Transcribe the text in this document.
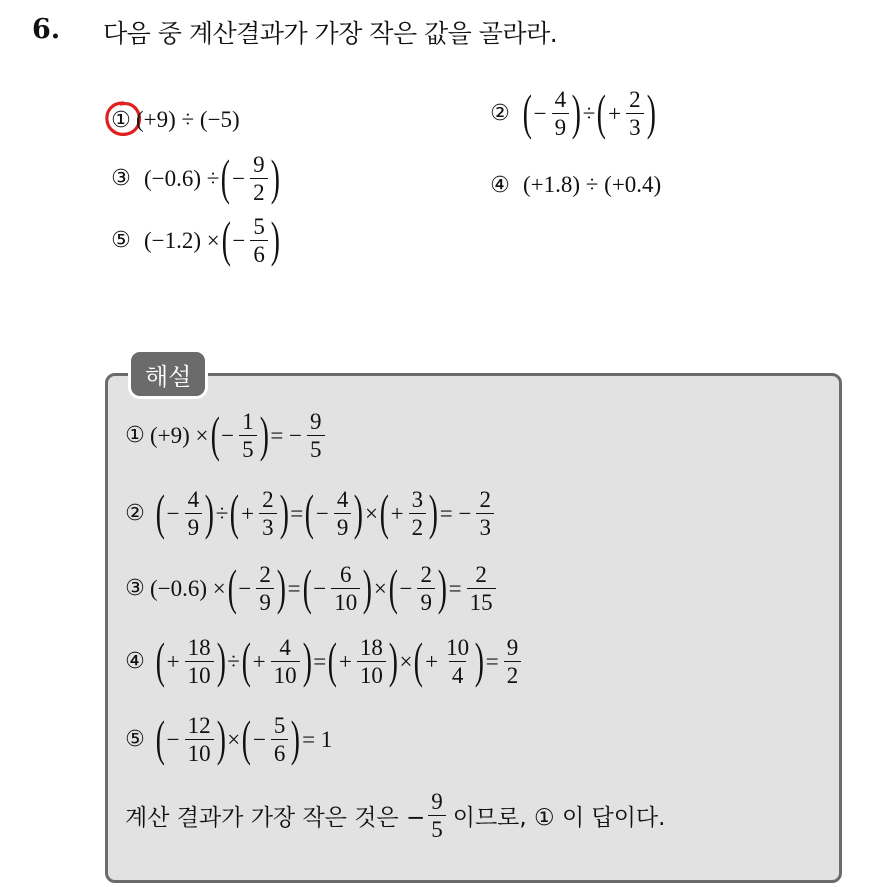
6. 다음 중 계산결과가 가장 작은 값을 골라라.
① (+9) ÷ (−5)	② ( − $\frac{4}{9}$ ) ÷ ( + $\frac{2}{3}$ )
③ (−0.6) ÷ ( − $\frac{9}{2}$ )	④ (+1.8) ÷ (+0.4)
⑤ (−1.2) × ( − $\frac{5}{6}$ )
해설
① (+9) × ( − $\frac{1}{5}$ ) = − $\frac{9}{5}$
② ( − $\frac{4}{9}$ ) ÷ ( + $\frac{2}{3}$ ) = ( − $\frac{4}{9}$ ) × ( + $\frac{3}{2}$ ) = − $\frac{2}{3}$
③ (−0.6) × ( − $\frac{2}{9}$ ) = ( − $\frac{6}{10}$ ) × ( − $\frac{2}{9}$ ) = $\frac{2}{15}$
④ ( + $\frac{18}{10}$ ) ÷ ( + $\frac{4}{10}$ ) = ( + $\frac{18}{10}$ ) × ( + $\frac{10}{4}$ ) = $\frac{9}{2}$
⑤ ( − $\frac{12}{10}$ ) × ( − $\frac{5}{6}$ ) = 1
계산 결과가 가장 작은 것은 − $\frac{9}{5}$ 이므로, ① 이 답이다.
